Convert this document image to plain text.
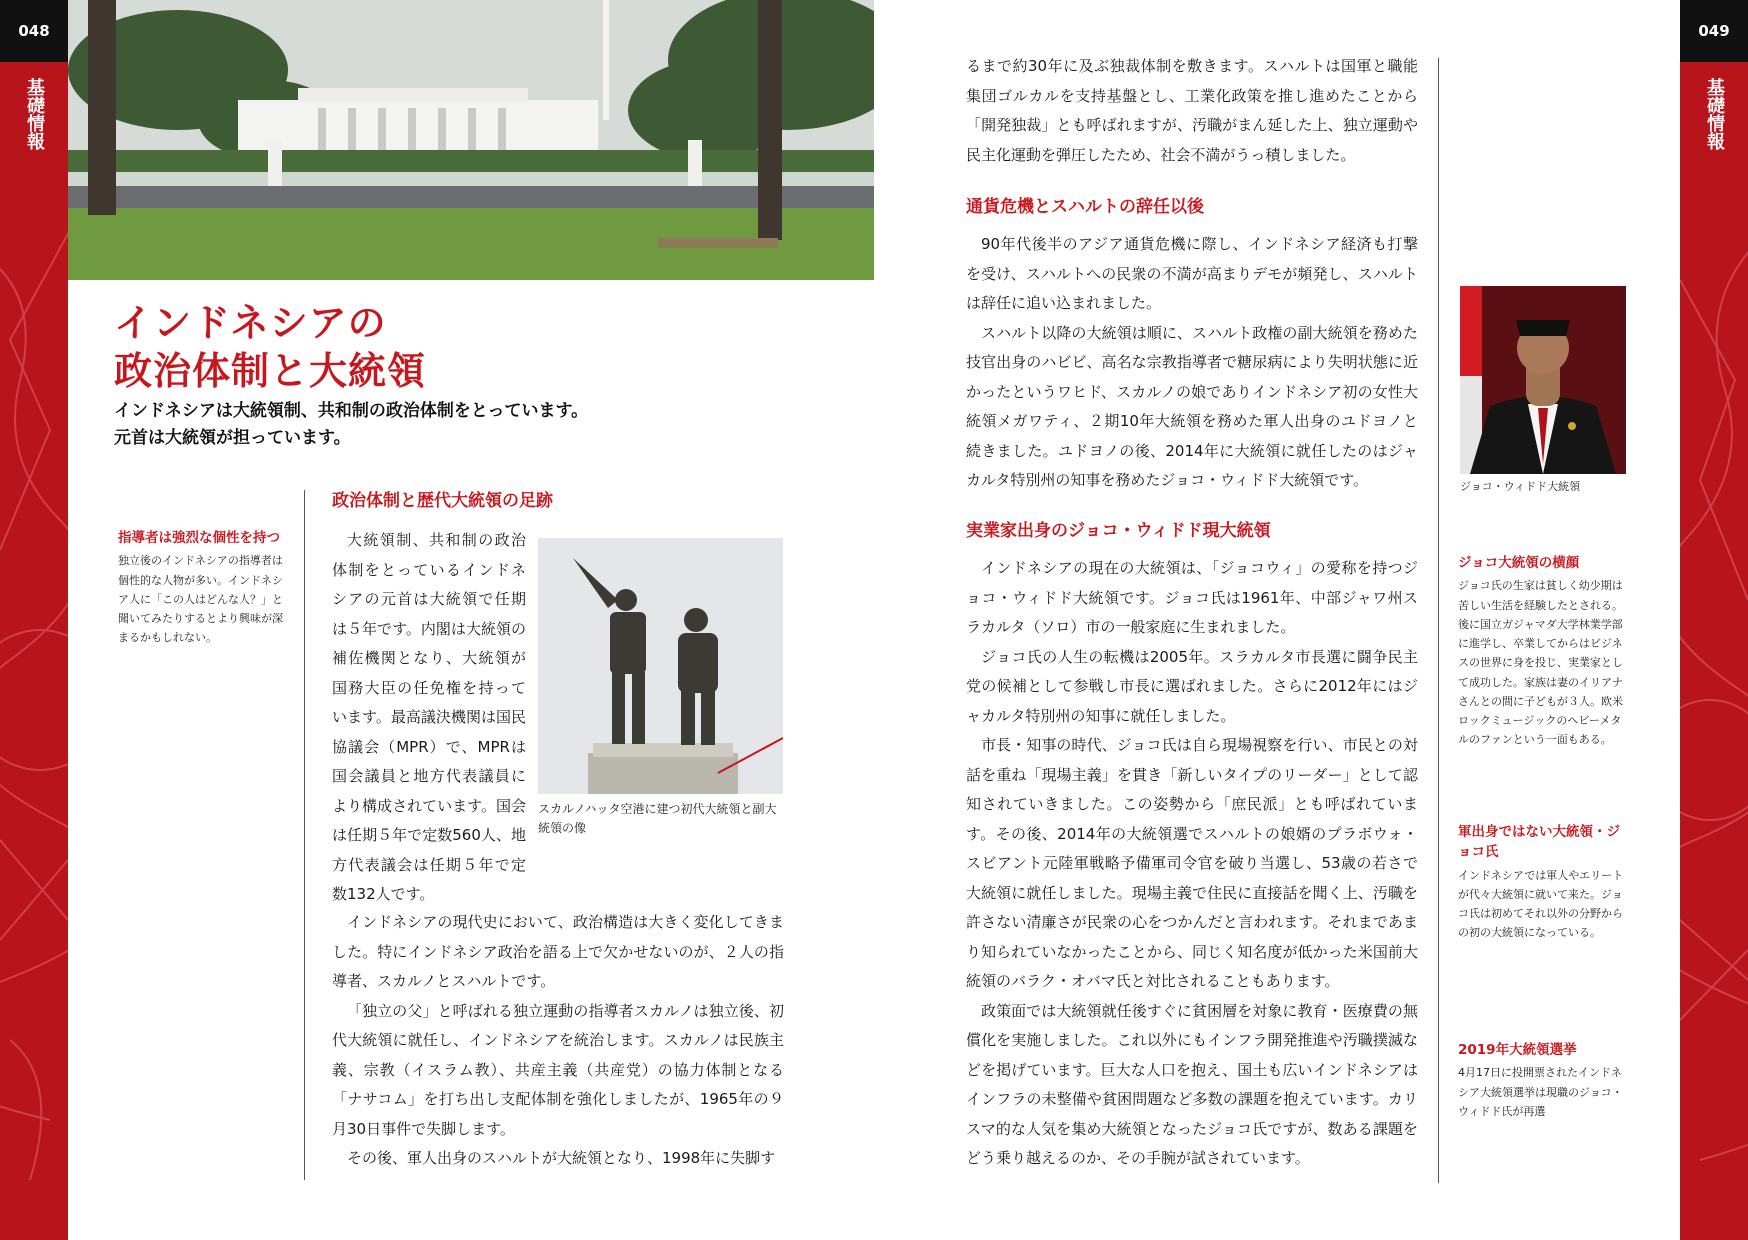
048
基礎情報
049
基礎情報
インドネシアの
政治体制と大統領
インドネシアは大統領制、共和制の政治体制をとっています。
元首は大統領が担っています。
指導者は強烈な個性を持つ
独立後のインドネシアの指導者は個性的な人物が多い。インドネシア人に「この人はどんな人？」と聞いてみたりするとより興味が深まるかもしれない。
政治体制と歴代大統領の足跡

大統領制、共和制の政治体制をとっているインドネシアの元首は大統領で任期は５年です。内閣は大統領の補佐機関となり、大統領が国務大臣の任免権を持っています。最高議決機関は国民協議会（MPR）で、MPRは国会議員と地方代表議員により構成されています。国会は任期５年で定数560人、地方代表議会は任期５年で定数132人です。

スカルノハッタ空港に建つ初代大統領と副大統領の像

インドネシアの現代史において、政治構造は大きく変化してきました。特にインドネシア政治を語る上で欠かせないのが、２人の指導者、スカルノとスハルトです。

「独立の父」と呼ばれる独立運動の指導者スカルノは独立後、初代大統領に就任し、インドネシアを統治します。スカルノは民族主義、宗教（イスラム教）、共産主義（共産党）の協力体制となる「ナサコム」を打ち出し支配体制を強化しましたが、1965年の９月30日事件で失脚します。

その後、軍人出身のスハルトが大統領となり、1998年に失脚す

るまで約30年に及ぶ独裁体制を敷きます。スハルトは国軍と職能集団ゴルカルを支持基盤とし、工業化政策を推し進めたことから「開発独裁」とも呼ばれますが、汚職がまん延した上、独立運動や民主化運動を弾圧したため、社会不満がうっ積しました。

通貨危機とスハルトの辞任以後

90年代後半のアジア通貨危機に際し、インドネシア経済も打撃を受け、スハルトへの民衆の不満が高まりデモが頻発し、スハルトは辞任に追い込まれました。

スハルト以降の大統領は順に、スハルト政権の副大統領を務めた技官出身のハビビ、高名な宗教指導者で糖尿病により失明状態に近かったというワヒド、スカルノの娘でありインドネシア初の女性大統領メガワティ、２期10年大統領を務めた軍人出身のユドヨノと続きました。ユドヨノの後、2014年に大統領に就任したのはジャカルタ特別州の知事を務めたジョコ・ウィドド大統領です。

実業家出身のジョコ・ウィドド現大統領

インドネシアの現在の大統領は、「ジョコウィ」の愛称を持つジョコ・ウィドド大統領です。ジョコ氏は1961年、中部ジャワ州スラカルタ（ソロ）市の一般家庭に生まれました。

ジョコ氏の人生の転機は2005年。スラカルタ市長選に闘争民主党の候補として参戦し市長に選ばれました。さらに2012年にはジャカルタ特別州の知事に就任しました。

市長・知事の時代、ジョコ氏は自ら現場視察を行い、市民との対話を重ね「現場主義」を貫き「新しいタイプのリーダー」として認知されていきました。この姿勢から「庶民派」とも呼ばれています。その後、2014年の大統領選でスハルトの娘婿のプラボウォ・スビアント元陸軍戦略予備軍司令官を破り当選し、53歳の若さで大統領に就任しました。現場主義で住民に直接話を聞く上、汚職を許さない清廉さが民衆の心をつかんだと言われます。それまであまり知られていなかったことから、同じく知名度が低かった米国前大統領のバラク・オバマ氏と対比されることもあります。

政策面では大統領就任後すぐに貧困層を対象に教育・医療費の無償化を実施しました。これ以外にもインフラ開発推進や汚職撲滅などを掲げています。巨大な人口を抱え、国土も広いインドネシアはインフラの未整備や貧困問題など多数の課題を抱えています。カリスマ的な人気を集め大統領となったジョコ氏ですが、数ある課題をどう乗り越えるのか、その手腕が試されています。

ジョコ・ウィドド大統領
ジョコ大統領の横顔
ジョコ氏の生家は貧しく幼少期は苦しい生活を経験したとされる。後に国立ガジャマダ大学林業学部に進学し、卒業してからはビジネスの世界に身を投じ、実業家として成功した。家族は妻のイリアナさんとの間に子どもが３人。欧米ロックミュージックのヘビーメタルのファンという一面もある。
軍出身ではない大統領・ジョコ氏
インドネシアでは軍人やエリートが代々大統領に就いて来た。ジョコ氏は初めてそれ以外の分野からの初の大統領になっている。
2019年大統領選挙
4月17日に投開票されたインドネシア大統領選挙は現職のジョコ・ウィドド氏が再選
